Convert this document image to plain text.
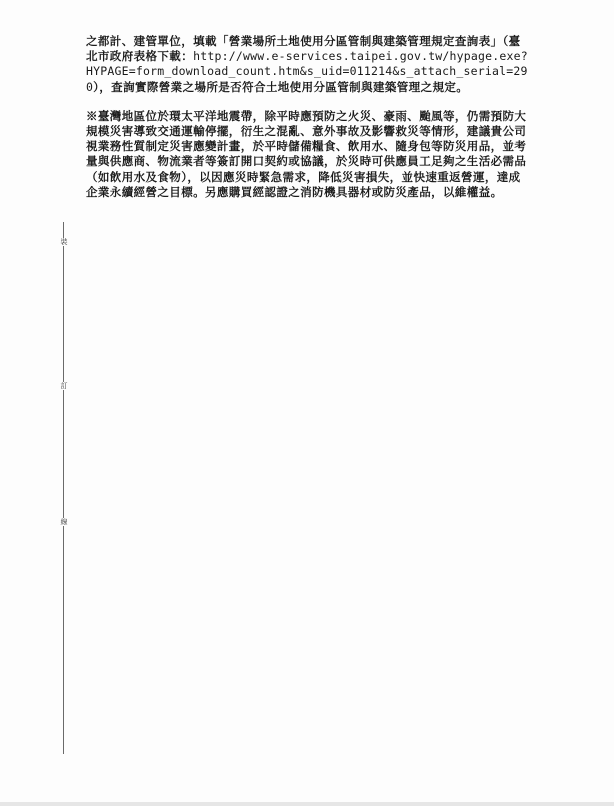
裝
訂
線

之都計、建管單位，填載「營業場所土地使用分區管制與建築管理規定查詢表」（臺北市政府表格下載：http://www.e-services.taipei.gov.tw/hypage.exe?HYPAGE=form_download_count.htm&s_uid=011214&s_attach_serial=290），查詢實際營業之場所是否符合土地使用分區管制與建築管理之規定。

※臺灣地區位於環太平洋地震帶，除平時應預防之火災、豪雨、颱風等，仍需預防大規模災害導致交通運輸停擺，衍生之混亂、意外事故及影響救災等情形，建議貴公司視業務性質制定災害應變計畫，於平時儲備糧食、飲用水、隨身包等防災用品，並考量與供應商、物流業者等簽訂開口契約或協議，於災時可供應員工足夠之生活必需品（如飲用水及食物），以因應災時緊急需求，降低災害損失，並快速重返營運，達成企業永續經營之目標。另應購買經認證之消防機具器材或防災產品，以維權益。
